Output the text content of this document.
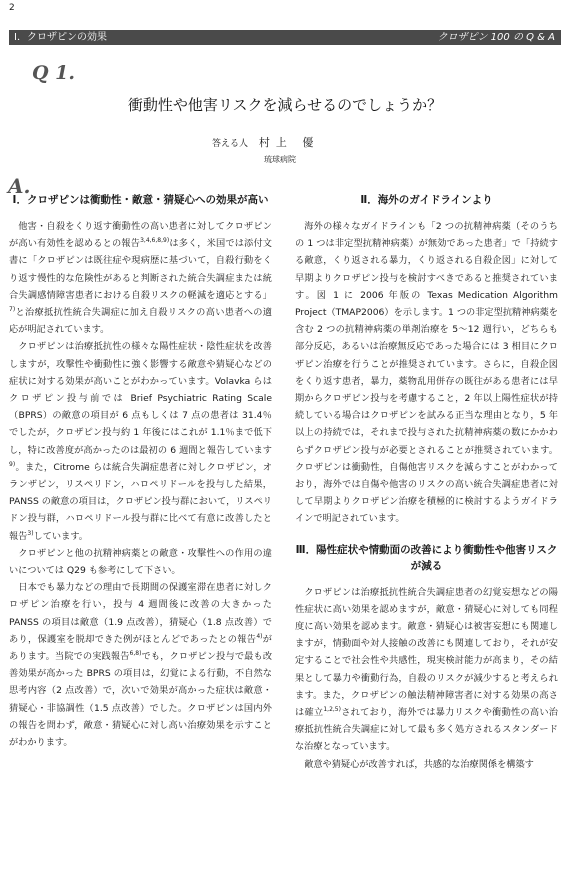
2
I．クロザピンの効果	クロザピン 100 の Q & A
Q 1.
衝動性や他害リスクを減らせるのでしょうか？
答える人 村上 優
琉球病院
A.
Ⅰ．クロザピンは衝動性・敵意・猜疑心への効果が高い

他害・自殺をくり返す衝動性の高い患者に対してクロザピンが高い有効性を認めるとの報告$^{3,4,6,8,9)}$は多く，米国では添付文書に「クロザピンは既往症や現病歴に基づいて，自殺行動をくり返す慢性的な危険性があると判断された統合失調症または統合失調感情障害患者における自殺リスクの軽減を適応とする」$^{7)}$と治療抵抗性統合失調症に加え自殺リスクの高い患者への適応が明記されています。

クロザピンは治療抵抗性の様々な陽性症状・陰性症状を改善しますが，攻撃性や衝動性に強く影響する敵意や猜疑心などの症状に対する効果が高いことがわかっています。Volavka らはクロザピン投与前では Brief Psychiatric Rating Scale（BPRS）の敵意の項目が 6 点もしくは 7 点の患者は 31.4％でしたが，クロザピン投与約 1 年後にはこれが 1.1％まで低下し，特に改善度が高かったのは最初の 6 週間と報告しています$^{9)}$。また，Citrome らは統合失調症患者に対しクロザピン，オランザピン，リスペリドン，ハロペリドールを投与した結果，PANSS の敵意の項目は，クロザピン投与群において，リスペリドン投与群，ハロペリドール投与群に比べて有意に改善したと報告$^{3)}$しています。

クロザピンと他の抗精神病薬との敵意・攻撃性への作用の違いについては Q29 も参考にして下さい。

日本でも暴力などの理由で長期間の保護室滞在患者に対しクロザピン治療を行い，投与 4 週間後に改善の大きかった PANSS の項目は敵意（1.9 点改善），猜疑心（1.8 点改善）であり，保護室を脱却できた例がほとんどであったとの報告$^{4)}$があります。当院での実践報告$^{6,8)}$でも，クロザピン投与で最も改善効果が高かった BPRS の項目は，幻覚による行動，不自然な思考内容（2 点改善）で，次いで効果が高かった症状は敵意・猜疑心・非協調性（1.5 点改善）でした。クロザピンは国内外の報告を問わず，敵意・猜疑心に対し高い治療効果を示すことがわかります。

Ⅱ．海外のガイドラインより

海外の様々なガイドラインも「2 つの抗精神病薬（そのうちの 1 つは非定型抗精神病薬）が無効であった患者」で「持続する敵意，くり返される暴力，くり返される自殺企図」に対して早期よりクロザピン投与を検討すべきであると推奨されています。図 1 に 2006 年版の Texas Medication Algorithm Project（TMAP2006）を示します。1 つの非定型抗精神病薬を含む 2 つの抗精神病薬の単剤治療を 5～12 週行い，どちらも部分反応，あるいは治療無反応であった場合には 3 相目にクロザピン治療を行うことが推奨されています。さらに，自殺企図をくり返す患者，暴力，薬物乱用併存の既往がある患者には早期からクロザピン投与を考慮すること，2 年以上陽性症状が持続している場合はクロザピンを試みる正当な理由となり，5 年以上の持続では，それまで投与された抗精神病薬の数にかかわらずクロザピン投与が必要とされることが推奨されています。クロザピンは衝動性，自傷他害リスクを減らすことがわかっており，海外では自傷や他害のリスクの高い統合失調症患者に対して早期よりクロザピン治療を積極的に検討するようガイドラインで明記されています。

Ⅲ．陽性症状や情動面の改善により衝動性や他害リスクが減る

クロザピンは治療抵抗性統合失調症患者の幻覚妄想などの陽性症状に高い効果を認めますが，敵意・猜疑心に対しても同程度に高い効果を認めます。敵意・猜疑心は被害妄想にも関連しますが，情動面や対人接触の改善にも関連しており，それが安定することで社会性や共感性，現実検討能力が高まり，その結果として暴力や衝動行為，自殺のリスクが減少すると考えられます。また，クロザピンの触法精神障害者に対する効果の高さは確立$^{1,2,5)}$されており，海外では暴力リスクや衝動性の高い治療抵抗性統合失調症に対して最も多く処方されるスタンダードな治療となっています。

敵意や猜疑心が改善すれば，共感的な治療関係を構築す
